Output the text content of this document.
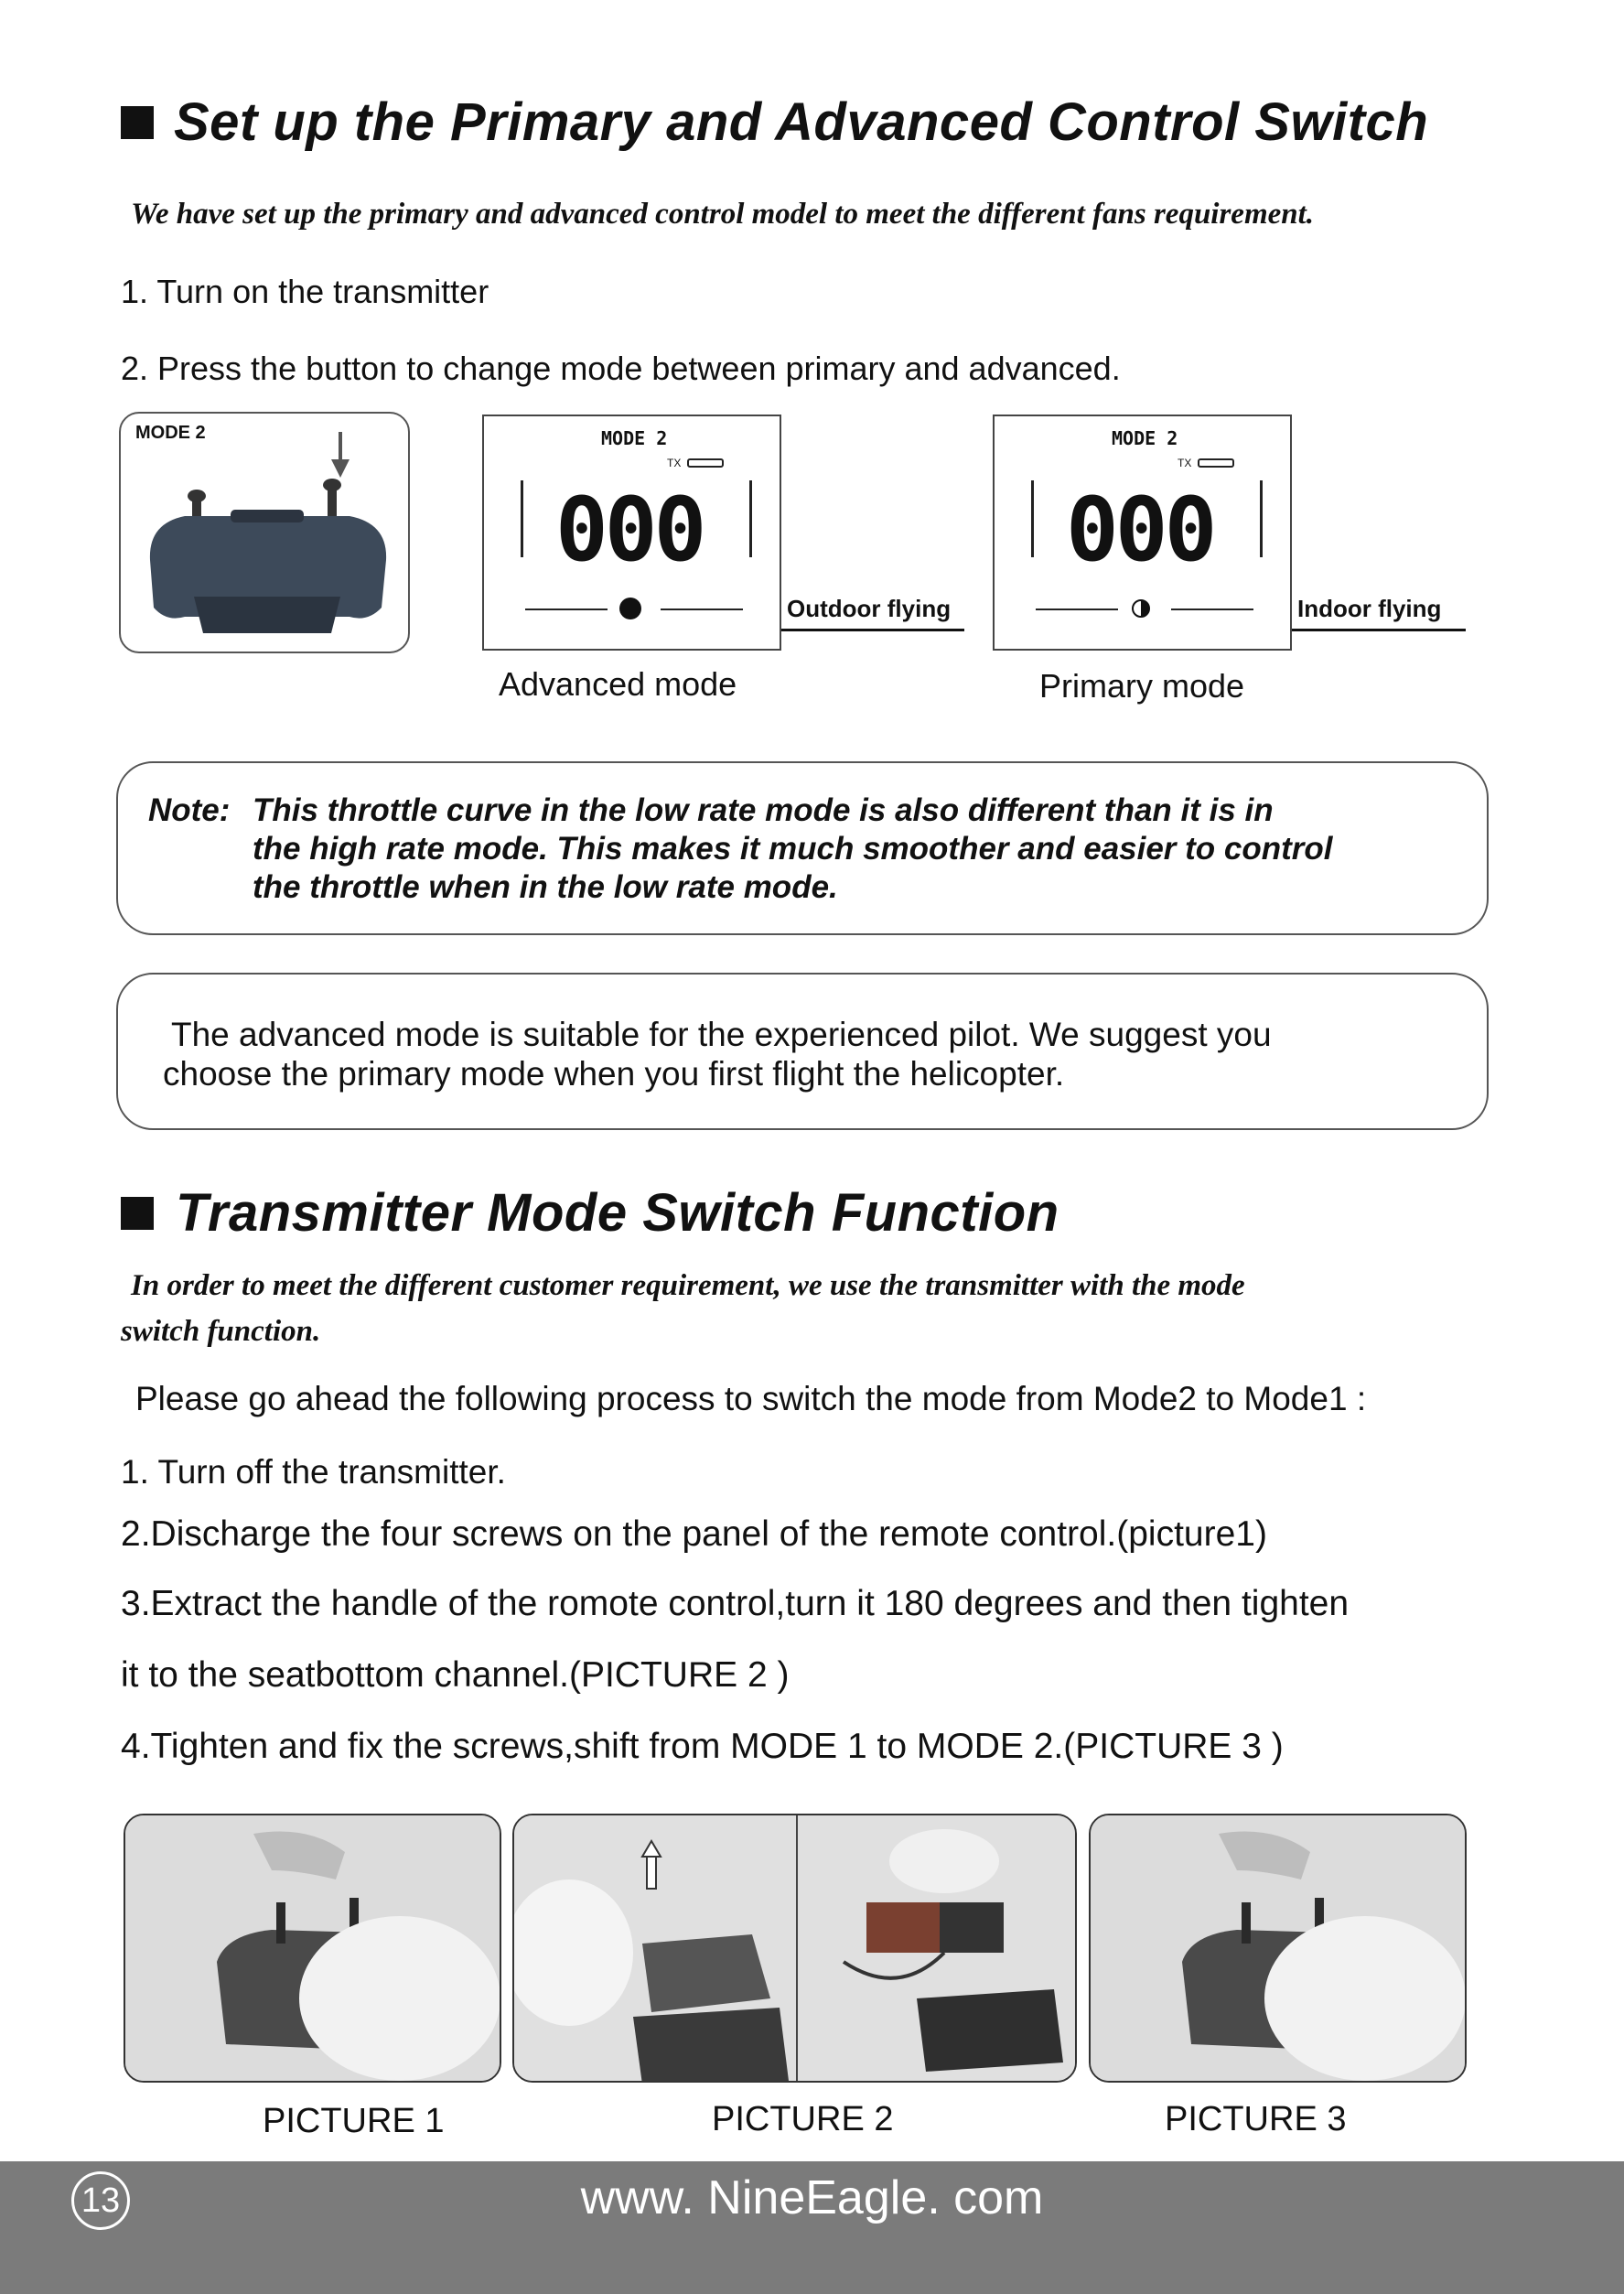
Set up the Primary and Advanced Control Switch
We have set up the primary and advanced control model to meet the different fans requirement.
1. Turn on the transmitter
2. Press the button to change mode between primary and advanced.
MODE 2	MODE 2
TX
000
Outdoor flying
Advanced mode
MODE 2
TX
000
Indoor flying
Primary mode
Note: This throttle curve in the low rate mode is also different than it is in
the high rate mode. This makes it much smoother and easier to control
the throttle when in the low rate mode.
The advanced mode is suitable for the experienced pilot. We suggest you
choose the primary mode when you first flight the helicopter.
Transmitter Mode Switch Function
In order to meet the different customer requirement, we use the transmitter with the mode
switch function.
Please go ahead the following process to switch the mode from Mode2 to Mode1 :
1. Turn off the transmitter.
2.Discharge the four screws on the panel of the remote control.(picture1)
3.Extract the handle of the romote control,turn it 180 degrees and then tighten
it to the seatbottom channel.(PICTURE 2 )
4.Tighten and fix the screws,shift from MODE 1 to MODE 2.(PICTURE 3 )
PICTURE 1	PICTURE 2	PICTURE 3
13	www. NineEagle. com
